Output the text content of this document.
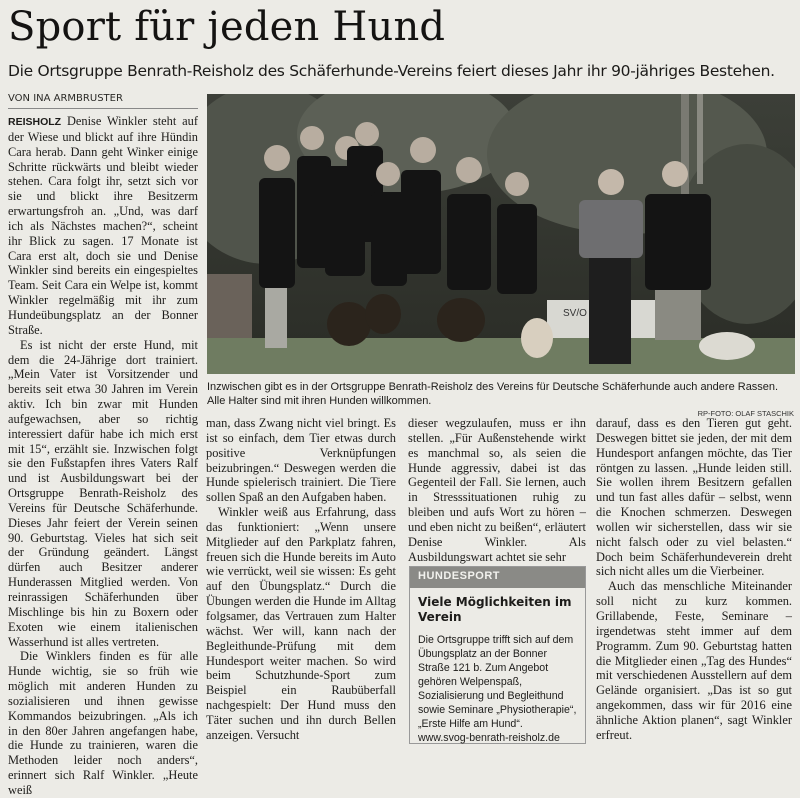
Sport für jeden Hund
Die Ortsgruppe Benrath-Reisholz des Schäferhunde-Vereins feiert dieses Jahr ihr 90-jähriges Bestehen.
VON INA ARMBRUSTER

REISHOLZ Denise Winkler steht auf der Wiese und blickt auf ihre Hündin Cara herab. Dann geht Winker einige Schritte rückwärts und bleibt wieder stehen. Cara folgt ihr, setzt sich vor sie und blickt ihre Besitzerm erwartungsfroh an. „Und, was darf ich als Nächstes machen?“, scheint ihr Blick zu sagen. 17 Monate ist Cara erst alt, doch sie und Denise Winkler sind bereits ein eingespieltes Team. Seit Cara ein Welpe ist, kommt Winkler regelmäßig mit ihr zum Hundeübungsplatz an der Bonner Straße.

Es ist nicht der erste Hund, mit dem die 24-Jährige dort trainiert. „Mein Vater ist Vorsitzender und bereits seit etwa 30 Jahren im Verein aktiv. Ich bin zwar mit Hunden aufgewachsen, aber so richtig interessiert dafür habe ich mich erst mit 15“, erzählt sie. Inzwischen folgt sie den Fußstapfen ihres Vaters Ralf und ist Ausbildungswart bei der Ortsgruppe Benrath-Reisholz des Vereins für Deutsche Schäferhunde. Dieses Jahr feiert der Verein seinen 90. Geburtstag. Vieles hat sich seit der Gründung geändert. Längst dürfen auch Besitzer anderer Hunderassen Mitglied werden. Von reinrassigen Schäferhunden über Mischlinge bis hin zu Boxern oder Exoten wie einem italienischen Wasserhund ist alles vertreten.

Die Winklers finden es für alle Hunde wichtig, sie so früh wie möglich mit anderen Hunden zu sozialisieren und ihnen gewisse Kommandos beizubringen. „Als ich in den 80er Jahren angefangen habe, die Hunde zu trainieren, waren die Methoden leider noch anders“, erinnert sich Ralf Winkler. „Heute weiß

SV/O
Inzwischen gibt es in der Ortsgruppe Benrath-Reisholz des Vereins für Deutsche Schäferhunde auch andere Rassen. Alle Halter sind mit ihren Hunden willkommen.
RP-FOTO: OLAF STASCHIK

man, dass Zwang nicht viel bringt. Es ist so einfach, dem Tier etwas durch positive Verknüpfungen beizubringen.“ Deswegen werden die Hunde spielerisch trainiert. Die Tiere sollen Spaß an den Aufgaben haben.

Winkler weiß aus Erfahrung, dass das funktioniert: „Wenn unsere Mitglieder auf den Parkplatz fahren, freuen sich die Hunde bereits im Auto wie verrückt, weil sie wissen: Es geht auf den Übungsplatz.“ Durch die Übungen werden die Hunde im Alltag folgsamer, das Vertrauen zum Halter wächst. Wer will, kann nach der Begleithunde-Prüfung mit dem Hundesport weiter machen. So wird beim Schutzhunde-Sport zum Beispiel ein Raubüberfall nachgespielt: Der Hund muss den Täter suchen und ihn durch Bellen anzeigen. Versucht

dieser wegzulaufen, muss er ihn stellen. „Für Außenstehende wirkt es manchmal so, als seien die Hunde aggressiv, dabei ist das Gegenteil der Fall. Sie lernen, auch in Stresssituationen ruhig zu bleiben und aufs Wort zu hören – und eben nicht zu beißen“, erläutert Denise Winkler. Als Ausbildungswart achtet sie sehr

HUNDESPORT
Viele Möglichkeiten im Verein
Die Ortsgruppe trifft sich auf dem Übungsplatz an der Bonner Straße 121 b. Zum Angebot gehören Welpenspaß, Sozialisierung und Begleithund sowie Seminare „Physiotherapie“, „Erste Hilfe am Hund“.
www.svog-benrath-reisholz.de

darauf, dass es den Tieren gut geht. Deswegen bittet sie jeden, der mit dem Hundesport anfangen möchte, das Tier röntgen zu lassen. „Hunde leiden still. Sie wollen ihrem Besitzern gefallen und tun fast alles dafür – selbst, wenn die Knochen schmerzen. Deswegen wollen wir sicherstellen, dass wir sie nicht falsch oder zu viel belasten.“ Doch beim Schäferhundeverein dreht sich nicht alles um die Vierbeiner.

Auch das menschliche Miteinander soll nicht zu kurz kommen. Grillabende, Feste, Seminare – irgendetwas steht immer auf dem Programm. Zum 90. Geburtstag hatten die Mitglieder einen „Tag des Hundes“ mit verschiedenen Ausstellern auf dem Gelände organisiert. „Das ist so gut angekommen, dass wir für 2016 eine ähnliche Aktion planen“, sagt Winkler erfreut.
